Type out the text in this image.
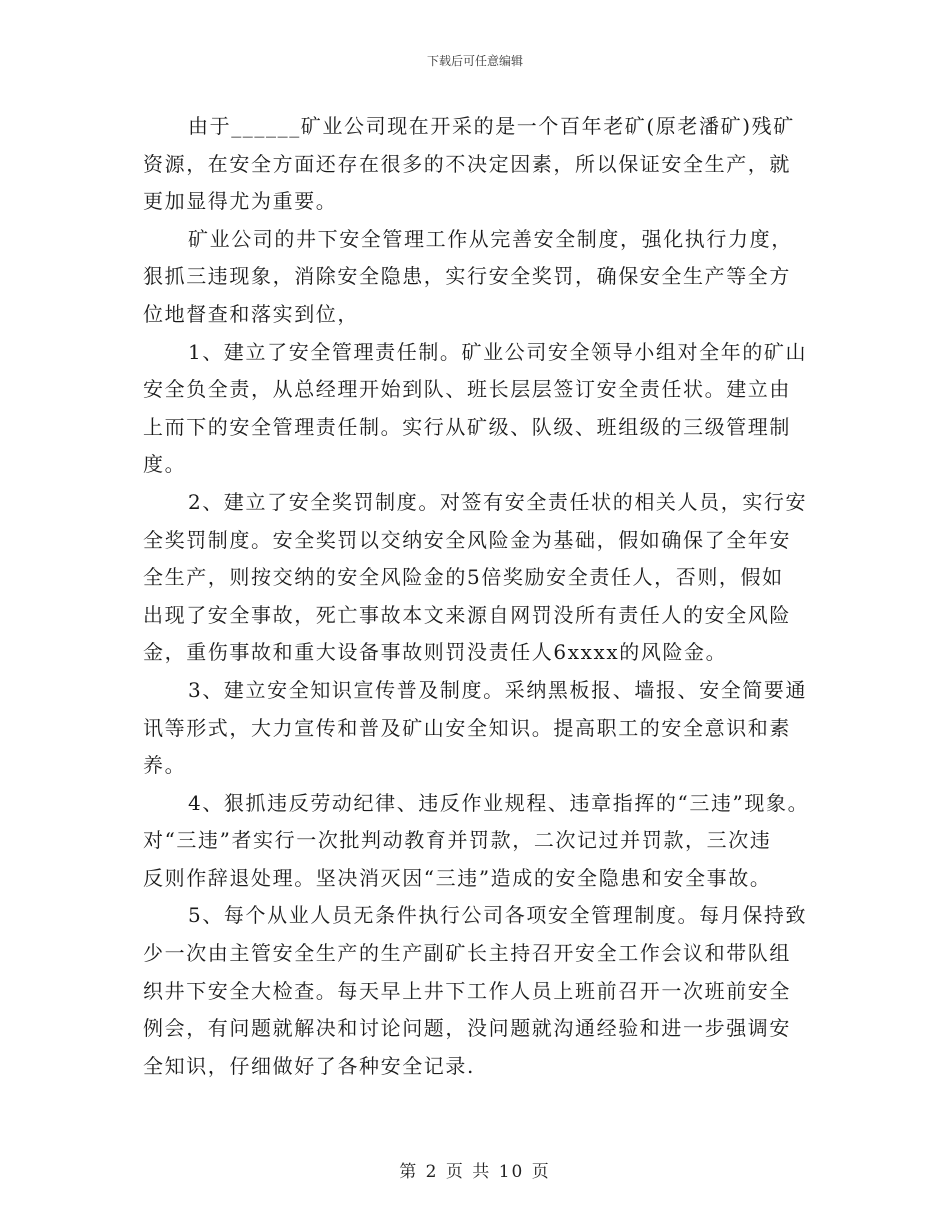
下载后可任意编辑
由于______矿业公司现在开采的是一个百年老矿(原老潘矿)残矿
资源，在安全方面还存在很多的不决定因素，所以保证安全生产，就
更加显得尤为重要。
矿业公司的井下安全管理工作从完善安全制度，强化执行力度，
狠抓三违现象，消除安全隐患，实行安全奖罚，确保安全生产等全方
位地督查和落实到位，
1、建立了安全管理责任制。矿业公司安全领导小组对全年的矿山
安全负全责，从总经理开始到队、班长层层签订安全责任状。建立由
上而下的安全管理责任制。实行从矿级、队级、班组级的三级管理制
度。
2、建立了安全奖罚制度。对签有安全责任状的相关人员，实行安
全奖罚制度。安全奖罚以交纳安全风险金为基础，假如确保了全年安
全生产，则按交纳的安全风险金的5倍奖励安全责任人，否则，假如
出现了安全事故，死亡事故本文来源自网罚没所有责任人的安全风险
金，重伤事故和重大设备事故则罚没责任人6xxxx的风险金。
3、建立安全知识宣传普及制度。采纳黑板报、墙报、安全简要通
讯等形式，大力宣传和普及矿山安全知识。提高职工的安全意识和素
养。
4、狠抓违反劳动纪律、违反作业规程、违章指挥的“三违”现象。
对“三违”者实行一次批判动教育并罚款，二次记过并罚款，三次违
反则作辞退处理。坚决消灭因“三违”造成的安全隐患和安全事故。
5、每个从业人员无条件执行公司各项安全管理制度。每月保持致
少一次由主管安全生产的生产副矿长主持召开安全工作会议和带队组
织井下安全大检查。每天早上井下工作人员上班前召开一次班前安全
例会，有问题就解决和讨论问题，没问题就沟通经验和进一步强调安
全知识，仔细做好了各种安全记录.
第 2 页 共 10 页
